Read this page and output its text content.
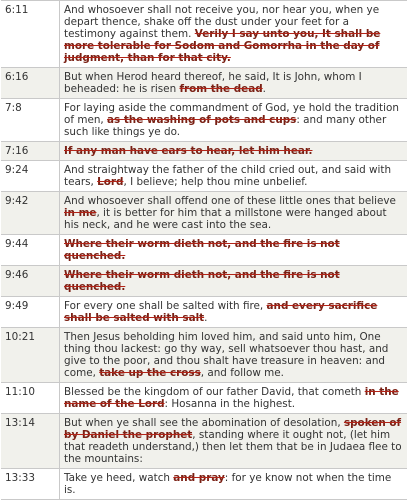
6:11	And whosoever shall not receive you, nor hear you, when ye depart thence, shake off the dust under your feet for a testimony against them. Verily I say unto you, It shall be more tolerable for Sodom and Gomorrha in the day of judgment, than for that city.
6:16	But when Herod heard thereof, he said, It is John, whom I beheaded: he is risen from the dead.
7:8	For laying aside the commandment of God, ye hold the tradition of men, as the washing of pots and cups: and many other such like things ye do.
7:16	If any man have ears to hear, let him hear.
9:24	And straightway the father of the child cried out, and said with tears, Lord, I believe; help thou mine unbelief.
9:42	And whosoever shall offend one of these little ones that believe in me, it is better for him that a millstone were hanged about his neck, and he were cast into the sea.
9:44	Where their worm dieth not, and the fire is not quenched.
9:46	Where their worm dieth not, and the fire is not quenched.
9:49	For every one shall be salted with fire, and every sacrifice shall be salted with salt.
10:21	Then Jesus beholding him loved him, and said unto him, One thing thou lackest: go thy way, sell whatsoever thou hast, and give to the poor, and thou shalt have treasure in heaven: and come, take up the cross, and follow me.
11:10	Blessed be the kingdom of our father David, that cometh in the name of the Lord: Hosanna in the highest.
13:14	But when ye shall see the abomination of desolation, spoken of by Daniel the prophet, standing where it ought not, (let him that readeth understand,) then let them that be in Judaea flee to the mountains:
13:33	Take ye heed, watch and pray: for ye know not when the time is.
